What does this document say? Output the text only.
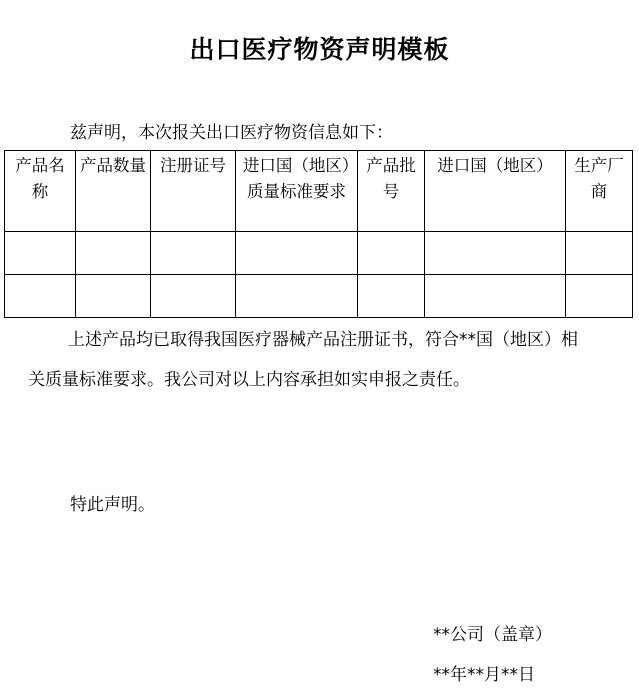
出口医疗物资声明模板
兹声明，本次报关出口医疗物资信息如下：
产品名称	产品数量	注册证号	进口国（地区）质量标准要求	产品批号	进口国（地区）	生产厂商

上述产品均已取得我国医疗器械产品注册证书，符合**国（地区）相关质量标准要求。我公司对以上内容承担如实申报之责任。
特此声明。
**公司（盖章）
**年**月**日
